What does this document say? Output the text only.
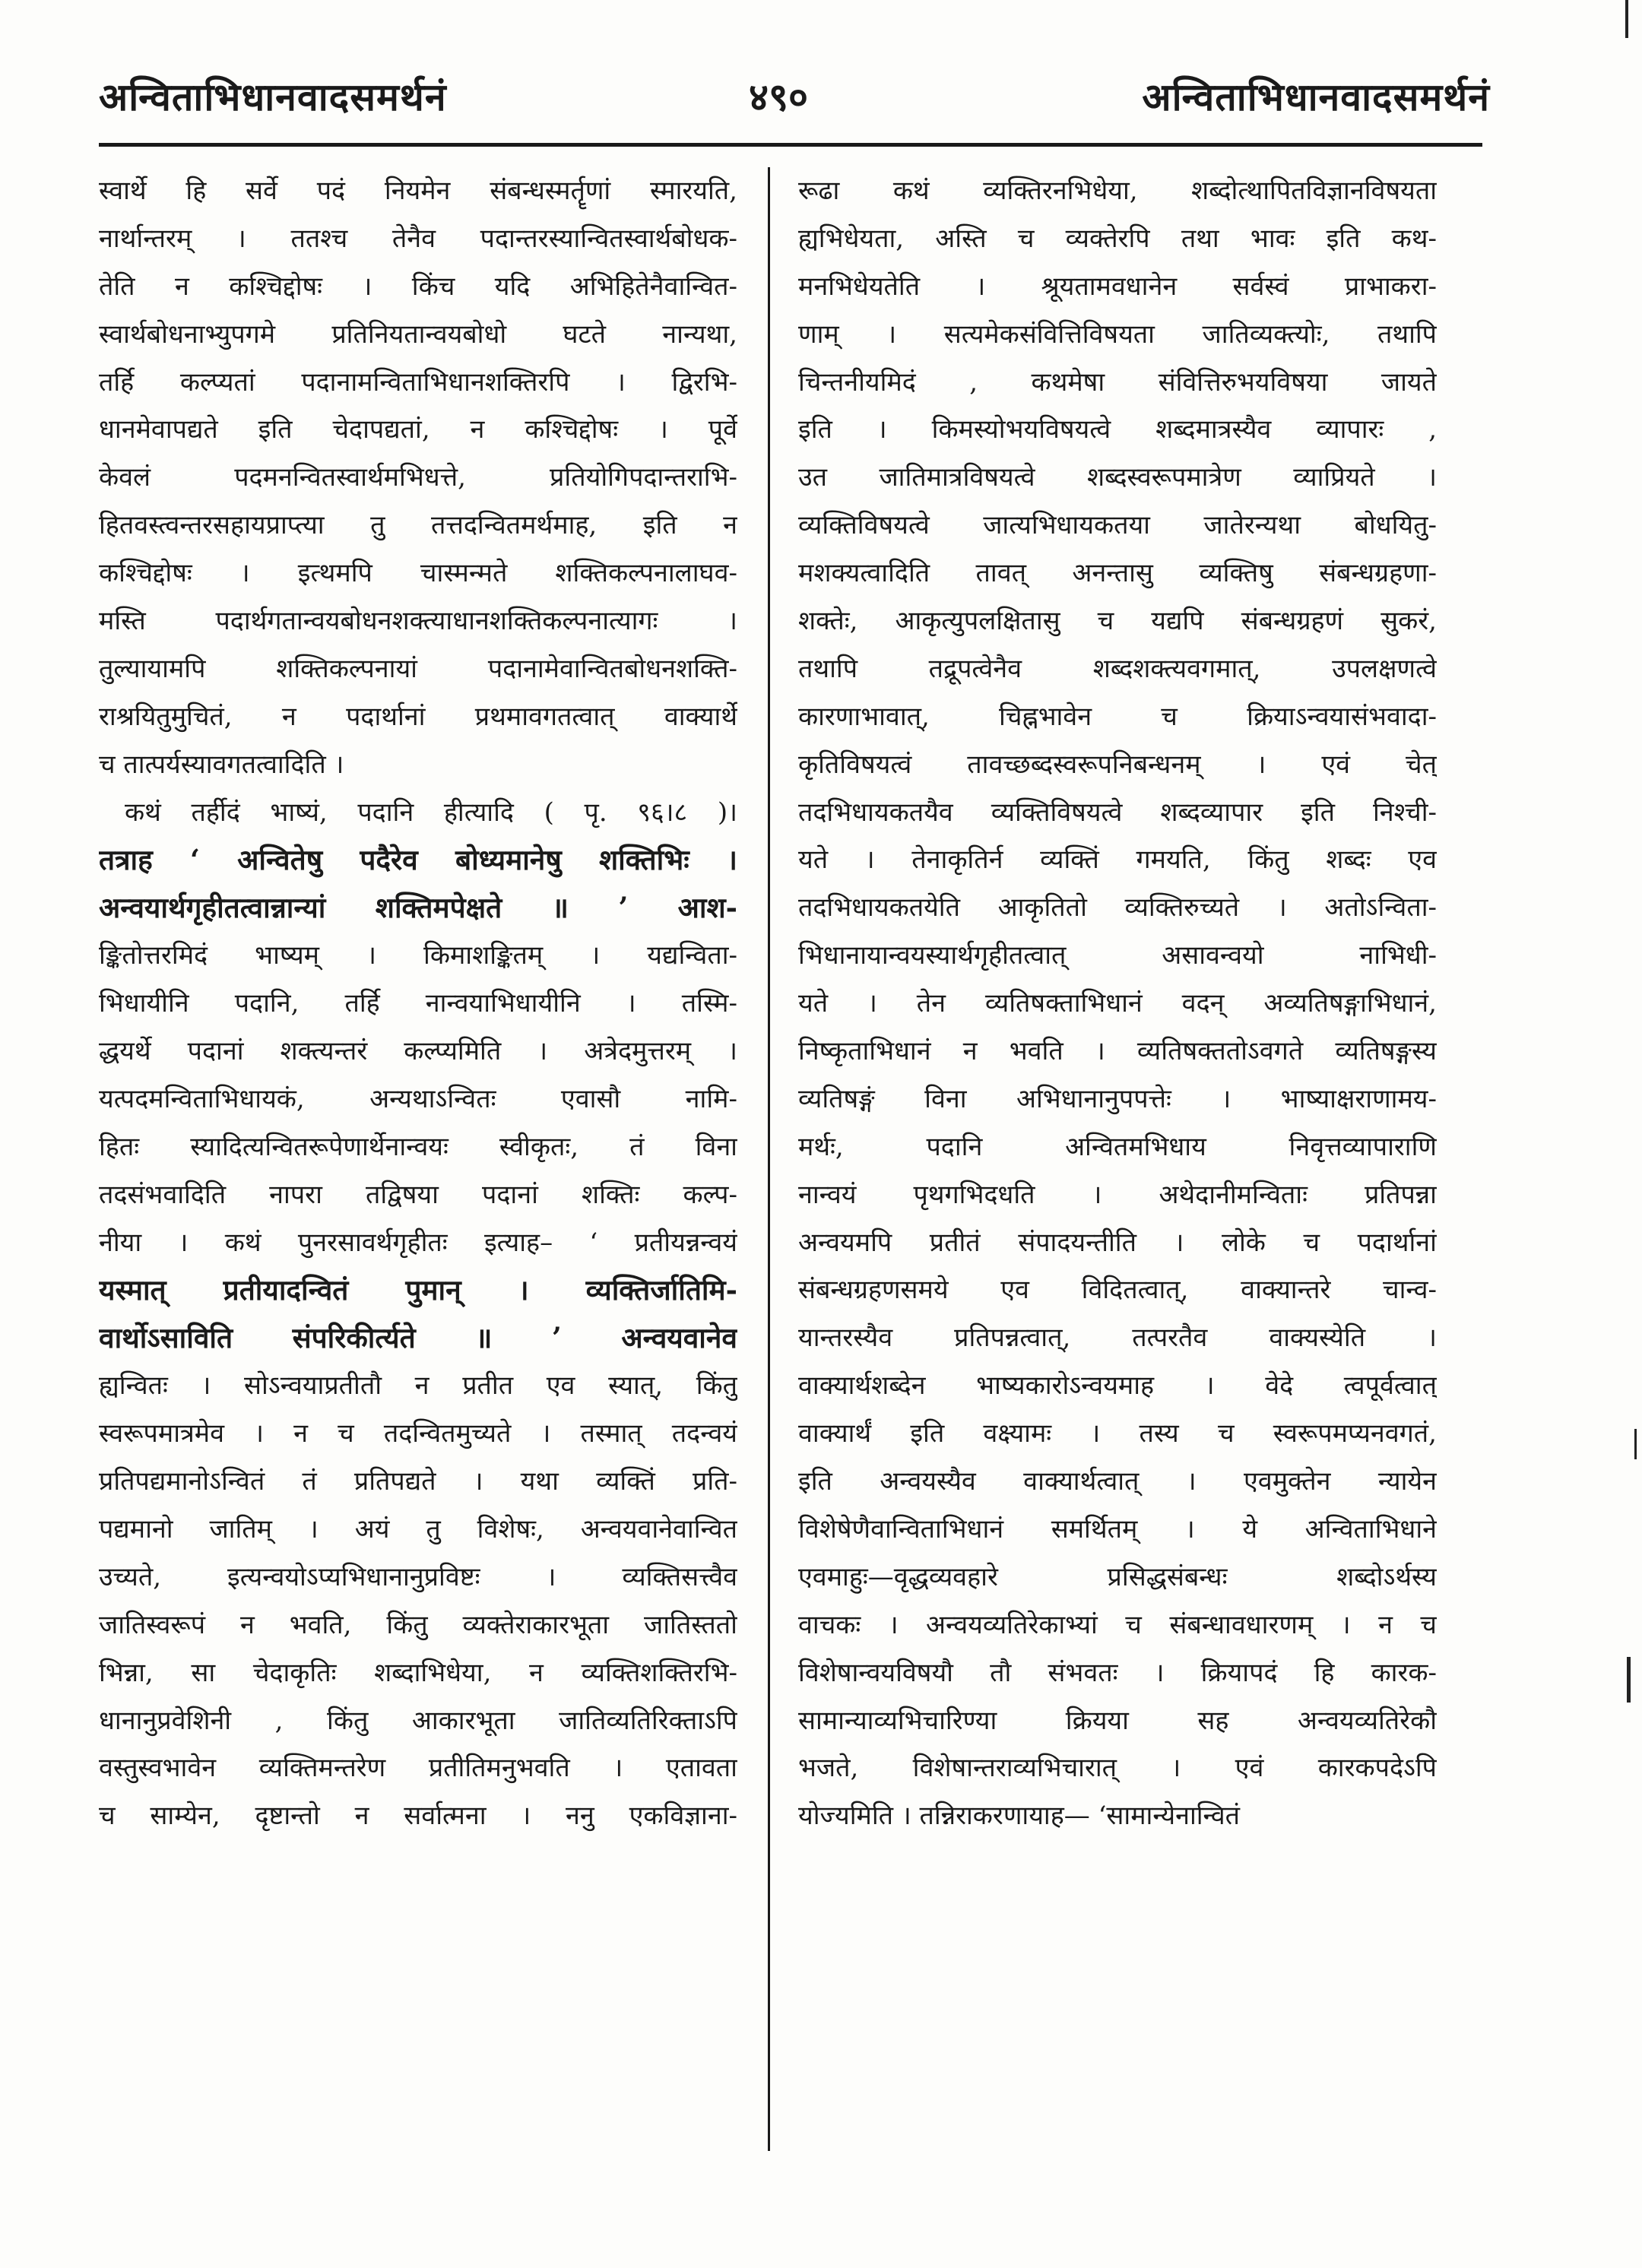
अन्विताभिधानवादसमर्थनं	४९०	अन्विताभिधानवादसमर्थनं
स्वार्थे हि सर्वे पदं नियमेन संबन्धस्मर्तॄणां स्मारयति,
नार्थान्तरम् । ततश्च तेनैव पदान्तरस्यान्वितस्वार्थबोधक-
तेति न कश्चिद्दोषः । किंच यदि अभिहितेनैवान्वित-
स्वार्थबोधनाभ्युपगमे प्रतिनियतान्वयबोधो घटते नान्यथा,
तर्हि कल्प्यतां पदानामन्विताभिधानशक्तिरपि । द्विरभि-
धानमेवापद्यते इति चेदापद्यतां, न कश्चिद्दोषः । पूर्वे
केवलं पदमनन्वितस्वार्थमभिधत्ते, प्रतियोगिपदान्तराभि-
हितवस्त्वन्तरसहायप्राप्त्या तु तत्तदन्वितमर्थमाह, इति न
कश्चिद्दोषः । इत्थमपि चास्मन्मते शक्तिकल्पनालाघव-
मस्ति पदार्थगतान्वयबोधनशक्त्याधानशक्तिकल्पनात्यागः ।
तुल्यायामपि शक्तिकल्पनायां पदानामेवान्वितबोधनशक्ति-
राश्रयितुमुचितं, न पदार्थानां प्रथमावगतत्वात् वाक्यार्थे
च तात्पर्यस्यावगतत्वादिति ।
कथं तर्हीदं भाष्यं, पदानि हीत्यादि ( पृ. ९६।८ )।
तत्राह ‘ अन्वितेषु पदैरेव बोध्यमानेषु शक्तिभिः ।
अन्वयार्थगृहीतत्वान्नान्यां शक्तिमपेक्षते ॥ ’ आश-
ङ्कितोत्तरमिदं भाष्यम् । किमाशङ्कितम् । यद्यन्विता-
भिधायीनि पदानि, तर्हि नान्वयाभिधायीनि । तस्मि-
द्धयर्थे पदानां शक्त्यन्तरं कल्प्यमिति । अत्रेदमुत्तरम् ।
यत्पदमन्विताभिधायकं, अन्यथाऽन्वितः एवासौ नामि-
हितः स्यादित्यन्वितरूपेणार्थेनान्वयः स्वीकृतः, तं विना
तदसंभवादिति नापरा तद्विषया पदानां शक्तिः कल्प-
नीया । कथं पुनरसावर्थगृहीतः इत्याह– ‘ प्रतीयन्नन्वयं
यस्मात् प्रतीयादन्वितं पुमान् । व्यक्तिर्जातिमि-
वार्थोऽसाविति संपरिकीर्त्यते ॥ ’ अन्वयवानेव
ह्यन्वितः । सोऽन्वयाप्रतीतौ न प्रतीत एव स्यात्, किंतु
स्वरूपमात्रमेव । न च तदन्वितमुच्यते । तस्मात् तदन्वयं
प्रतिपद्यमानोऽन्वितं तं प्रतिपद्यते । यथा व्यक्तिं प्रति-
पद्यमानो जातिम् । अयं तु विशेषः, अन्वयवानेवान्वित
उच्यते, इत्यन्वयोऽप्यभिधानानुप्रविष्टः । व्यक्तिसत्त्वैव
जातिस्वरूपं न भवति, किंतु व्यक्तेराकारभूता जातिस्ततो
भिन्ना, सा चेदाकृतिः शब्दाभिधेया, न व्यक्तिशक्तिरभि-
धानानुप्रवेशिनी , किंतु आकारभूता जातिव्यतिरिक्ताऽपि
वस्तुस्वभावेन व्यक्तिमन्तरेण प्रतीतिमनुभवति । एतावता
च साम्येन, दृष्टान्तो न सर्वात्मना । ननु एकविज्ञाना-
रूढा कथं व्यक्तिरनभिधेया, शब्दोत्थापितविज्ञानविषयता
ह्यभिधेयता, अस्ति च व्यक्तेरपि तथा भावः इति कथ-
मनभिधेयतेति । श्रूयतामवधानेन सर्वस्वं प्राभाकरा-
णाम् । सत्यमेकसंवित्तिविषयता जातिव्यक्त्योः, तथापि
चिन्तनीयमिदं , कथमेषा संवित्तिरुभयविषया जायते
इति । किमस्योभयविषयत्वे शब्दमात्रस्यैव व्यापारः ,
उत जातिमात्रविषयत्वे शब्दस्वरूपमात्रेण व्याप्रियते ।
व्यक्तिविषयत्वे जात्यभिधायकतया जातेरन्यथा बोधयितु-
मशक्यत्वादिति तावत् अनन्तासु व्यक्तिषु संबन्धग्रहणा-
शक्तेः, आकृत्युपलक्षितासु च यद्यपि संबन्धग्रहणं सुकरं,
तथापि तद्रूपत्वेनैव शब्दशक्त्यवगमात्, उपलक्षणत्वे
कारणाभावात्, चिह्नभावेन च क्रियाऽन्वयासंभवादा-
कृतिविषयत्वं तावच्छब्दस्वरूपनिबन्धनम् । एवं चेत्
तदभिधायकतयैव व्यक्तिविषयत्वे शब्दव्यापार इति निश्ची-
यते । तेनाकृतिर्न व्यक्तिं गमयति, किंतु शब्दः एव
तदभिधायकतयेति आकृतितो व्यक्तिरुच्यते । अतोऽन्विता-
भिधानायान्वयस्यार्थगृहीतत्वात् असावन्वयो नाभिधी-
यते । तेन व्यतिषक्ताभिधानं वदन् अव्यतिषङ्गाभिधानं,
निष्कृताभिधानं न भवति । व्यतिषक्ततोऽवगते व्यतिषङ्गस्य
व्यतिषङ्गं विना अभिधानानुपपत्तेः । भाष्याक्षराणामय-
मर्थः, पदानि अन्वितमभिधाय निवृत्तव्यापाराणि
नान्वयं पृथगभिदधति । अथेदानीमन्विताः प्रतिपन्ना
अन्वयमपि प्रतीतं संपादयन्तीति । लोके च पदार्थानां
संबन्धग्रहणसमये एव विदितत्वात्, वाक्यान्तरे चान्व-
यान्तरस्यैव प्रतिपन्नत्वात्, तत्परतैव वाक्यस्येति ।
वाक्यार्थशब्देन भाष्यकारोऽन्वयमाह । वेदे त्वपूर्वत्वात्
वाक्यार्थं इति वक्ष्यामः । तस्य च स्वरूपमप्यनवगतं,
इति अन्वयस्यैव वाक्यार्थत्वात् । एवमुक्तेन न्यायेन
विशेषेणैवान्विताभिधानं समर्थितम् । ये अन्विताभिधाने
एवमाहुः—वृद्धव्यवहारे प्रसिद्धसंबन्धः शब्दोऽर्थस्य
वाचकः । अन्वयव्यतिरेकाभ्यां च संबन्धावधारणम् । न च
विशेषान्वयविषयौ तौ संभवतः । क्रियापदं हि कारक-
सामान्याव्यभिचारिण्या क्रियया सह अन्वयव्यतिरेकौ
भजते, विशेषान्तराव्यभिचारात् । एवं कारकपदेऽपि
योज्यमिति । तन्निराकरणायाह— ‘सामान्येनान्वितं
